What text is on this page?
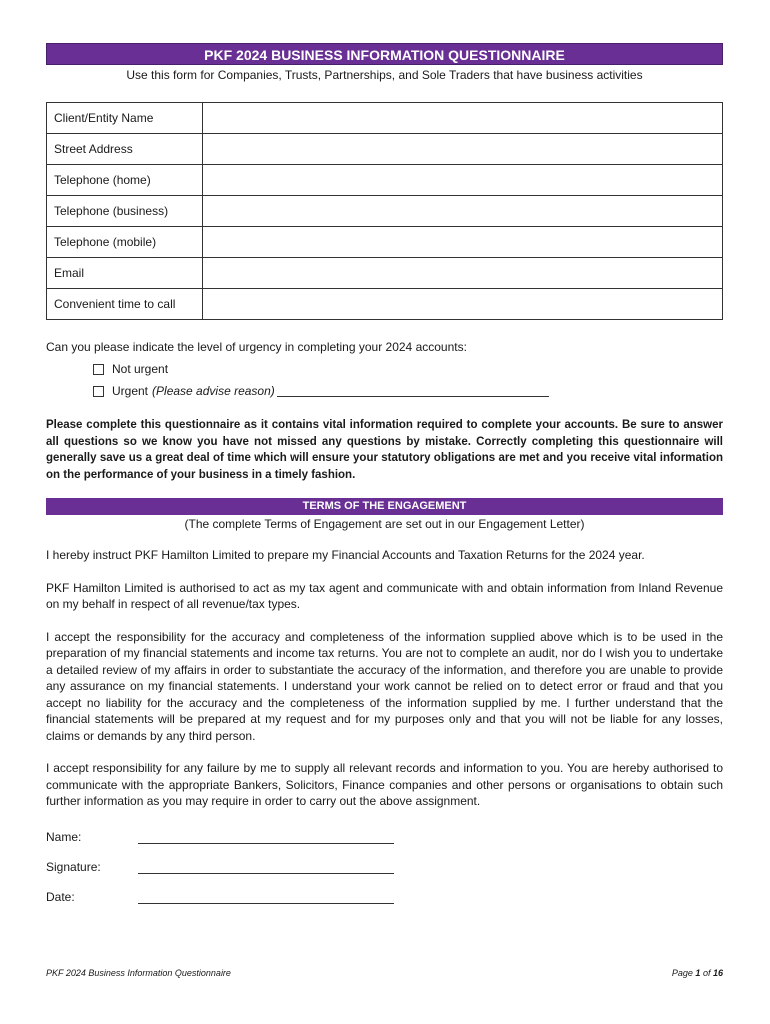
PKF 2024 BUSINESS INFORMATION QUESTIONNAIRE
Use this form for Companies, Trusts, Partnerships, and Sole Traders that have business activities
Client/Entity Name	
Street Address	
Telephone (home)	
Telephone (business)	
Telephone (mobile)	
Email	
Convenient time to call	
Can you please indicate the level of urgency in completing your 2024 accounts:
Not urgent
Urgent (Please advise reason)
Please complete this questionnaire as it contains vital information required to complete your accounts. Be sure to answer all questions so we know you have not missed any questions by mistake. Correctly completing this questionnaire will generally save us a great deal of time which will ensure your statutory obligations are met and you receive vital information on the performance of your business in a timely fashion.
TERMS OF THE ENGAGEMENT
(The complete Terms of Engagement are set out in our Engagement Letter)
I hereby instruct PKF Hamilton Limited to prepare my Financial Accounts and Taxation Returns for the 2024 year.
PKF Hamilton Limited is authorised to act as my tax agent and communicate with and obtain information from Inland Revenue on my behalf in respect of all revenue/tax types.
I accept the responsibility for the accuracy and completeness of the information supplied above which is to be used in the preparation of my financial statements and income tax returns. You are not to complete an audit, nor do I wish you to undertake a detailed review of my affairs in order to substantiate the accuracy of the information, and therefore you are unable to provide any assurance on my financial statements. I understand your work cannot be relied on to detect error or fraud and that you accept no liability for the accuracy and the completeness of the information supplied by me. I further understand that the financial statements will be prepared at my request and for my purposes only and that you will not be liable for any losses, claims or demands by any third person.
I accept responsibility for any failure by me to supply all relevant records and information to you. You are hereby authorised to communicate with the appropriate Bankers, Solicitors, Finance companies and other persons or organisations to obtain such further information as you may require in order to carry out the above assignment.
Name:
Signature:
Date:
PKF 2024 Business Information Questionnaire	Page 1 of 16
